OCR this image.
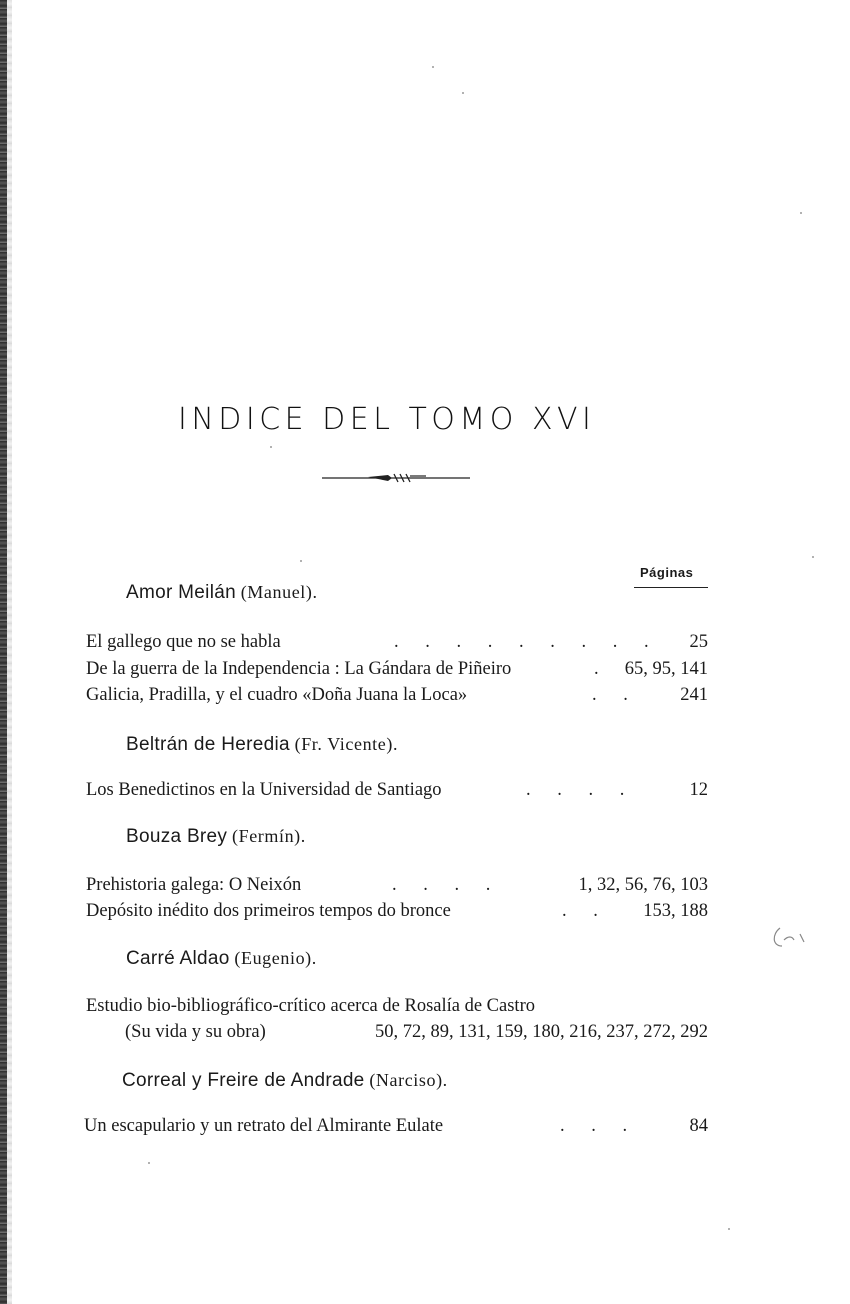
INDICE DEL TOMO XVI
Páginas
Amor Meilán (Manuel).
El gallego que no se habla	. . . . . . . . . 25
De la guerra de la Independencia : La Gándara de Piñeiro	. 65, 95, 141
Galicia, Pradilla, y el cuadro «Doña Juana la Loca»	. . 241
Beltrán de Heredia (Fr. Vicente).
Los Benedictinos en la Universidad de Santiago	. . . .	12
Bouza Brey (Fermín).
Prehistoria galega: O Neixón	. . . .	1, 32, 56, 76, 103
Depósito inédito dos primeiros tempos do bronce	. . 153, 188
Carré Aldao (Eugenio).
Estudio bio-bibliográfico-crítico acerca de Rosalía de Castro
(Su vida y su obra)	50, 72, 89, 131, 159, 180, 216, 237, 272, 292
Correal y Freire de Andrade (Narciso).
Un escapulario y un retrato del Almirante Eulate	. . .	84
